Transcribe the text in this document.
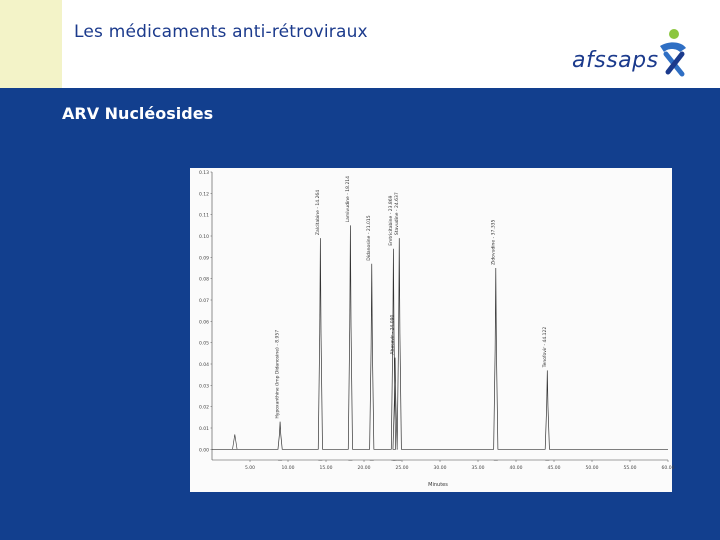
Les médicaments anti-rétroviraux
afssaps
ARV Nucléosides
0.13
0.12
0.11
0.10
0.09
0.08
0.07
0.06
0.05
0.04
0.03
0.02
0.01
0.00
5.00	10.00	15.00	20.00	25.00	30.00	35.00	40.00	45.00	50.00	55.00	60.00
Hypoxanthine (Imp Didanosine) - 8.957
Zalcitabine - 14.264	Lamivudine - 18.214
Didanosine - 21.015	Emtricitabine - 23.869 Stavudine - 24.637
Abacavir - 24.090
Zidovudine - 37.335
Tenofovir - 44.122
Minutes
